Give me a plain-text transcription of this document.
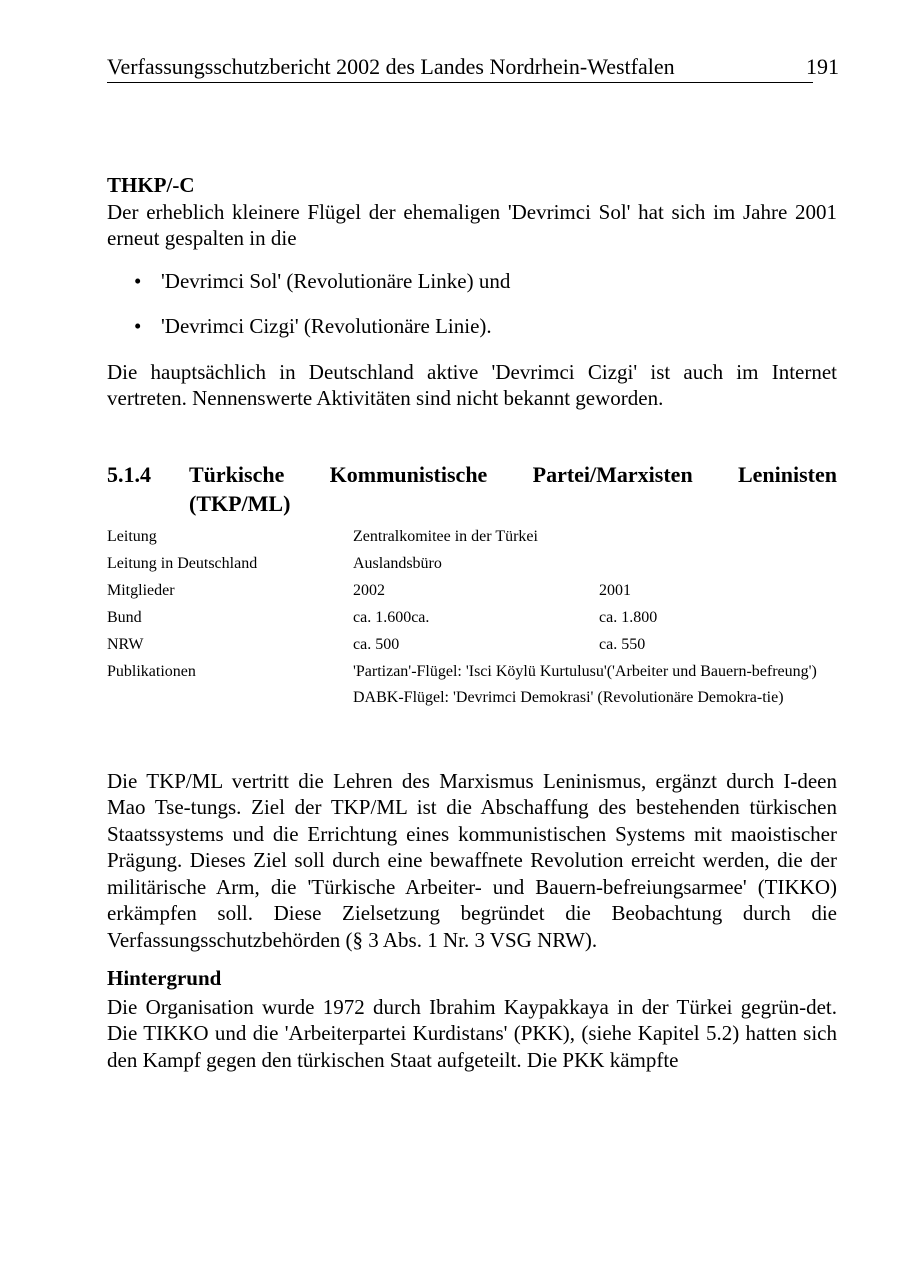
Verfassungsschutzbericht 2002 des Landes Nordrhein-Westfalen	191

THKP/-C

Der erheblich kleinere Flügel der ehemaligen 'Devrimci Sol' hat sich im Jahre 2001 erneut gespalten in die

• 'Devrimci Sol' (Revolutionäre Linke) und
• 'Devrimci Cizgi' (Revolutionäre Linie).

Die hauptsächlich in Deutschland aktive 'Devrimci Cizgi' ist auch im Internet vertreten. Nennenswerte Aktivitäten sind nicht bekannt geworden.

5.1.4 Türkische Kommunistische Partei/Marxisten Leninisten
(TKP/ML)
Leitung	Zentralkomitee in der Türkei
Leitung in Deutschland	Auslandsbüro
Mitglieder	2002	2001
Bund	ca. 1.600ca.	ca. 1.800
NRW	ca. 500	ca. 550
Publikationen	'Partizan'-Flügel: 'Isci Köylü Kurtulusu'('Arbeiter und Bauern-befreung')

DABK-Flügel: 'Devrimci Demokrasi' (Revolutionäre Demokra-tie)

Die TKP/ML vertritt die Lehren des Marxismus Leninismus, ergänzt durch I-deen Mao Tse-tungs. Ziel der TKP/ML ist die Abschaffung des bestehenden türkischen Staatssystems und die Errichtung eines kommunistischen Systems mit maoistischer Prägung. Dieses Ziel soll durch eine bewaffnete Revolution erreicht werden, die der militärische Arm, die 'Türkische Arbeiter- und Bauern-befreiungsarmee' (TIKKO) erkämpfen soll. Diese Zielsetzung begründet die Beobachtung durch die Verfassungsschutzbehörden (§ 3 Abs. 1 Nr. 3 VSG NRW).

Hintergrund

Die Organisation wurde 1972 durch Ibrahim Kaypakkaya in der Türkei gegrün-det. Die TIKKO und die 'Arbeiterpartei Kurdistans' (PKK), (siehe Kapitel 5.2) hatten sich den Kampf gegen den türkischen Staat aufgeteilt. Die PKK kämpfte
